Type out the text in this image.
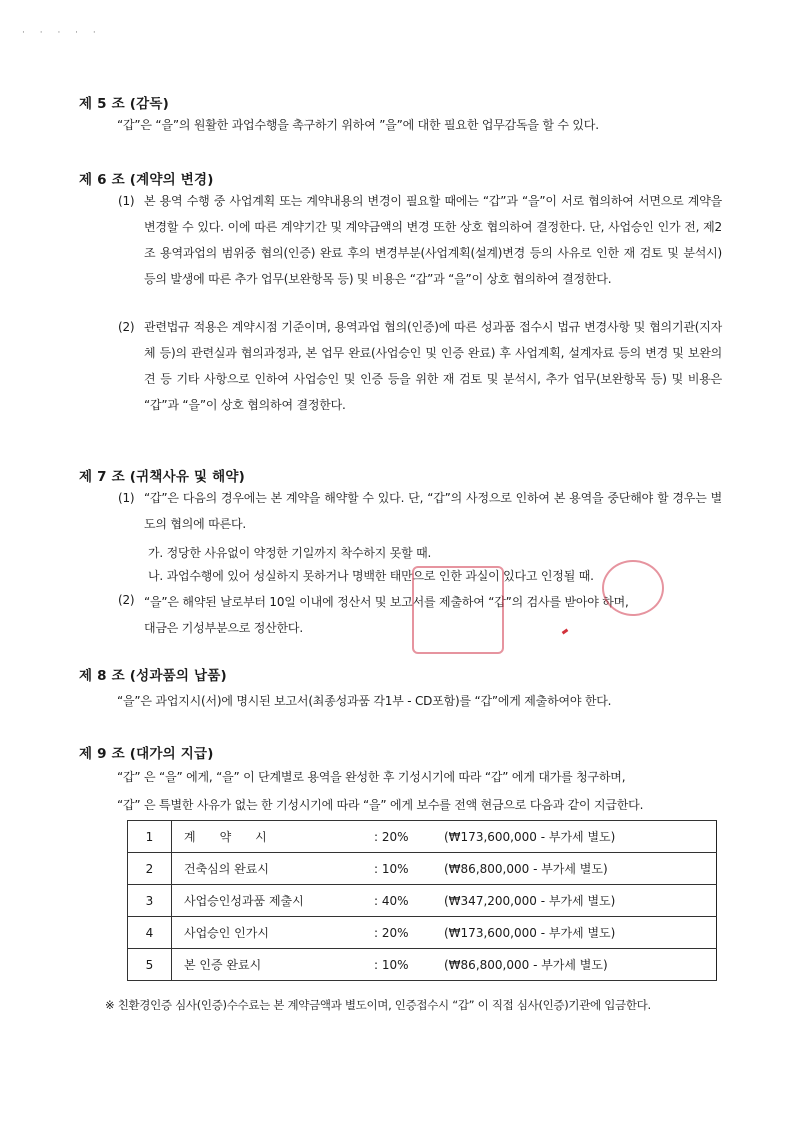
· · · · ·
제 5 조 (감독)
“갑”은 “을”의 원활한 과업수행을 촉구하기 위하여 ”을”에 대한 필요한 업무감독을 할 수 있다.
제 6 조 (계약의 변경)
(1) 본 용역 수행 중 사업계획 또는 계약내용의 변경이 필요할 때에는 “갑”과 “을”이 서로 협의하여 서면으로 계약을 변경할 수 있다. 이에 따른 계약기간 및 계약금액의 변경 또한 상호 협의하여 결정한다. 단, 사업승인 인가 전, 제2조 용역과업의 범위중 협의(인증) 완료 후의 변경부분(사업계획(설계)변경 등의 사유로 인한 재 검토 및 분석시) 등의 발생에 따른 추가 업무(보완항목 등) 및 비용은 “갑”과 “을”이 상호 협의하여 결정한다.
(2) 관련법규 적용은 계약시점 기준이며, 용역과업 협의(인증)에 따른 성과품 접수시 법규 변경사항 및 협의기관(지자체 등)의 관련실과 협의과정과, 본 업무 완료(사업승인 및 인증 완료) 후 사업계획, 설계자료 등의 변경 및 보완의견 등 기타 사항으로 인하여 사업승인 및 인증 등을 위한 재 검토 및 분석시, 추가 업무(보완항목 등) 및 비용은 “갑”과 “을”이 상호 협의하여 결정한다.
제 7 조 (귀책사유 및 해약)
(1) “갑”은 다음의 경우에는 본 계약을 해약할 수 있다. 단, “갑”의 사정으로 인하여 본 용역을 중단해야 할 경우는 별도의 협의에 따른다.
가. 정당한 사유없이 약정한 기일까지 착수하지 못할 때.
나. 과업수행에 있어 성실하지 못하거나 명백한 태만으로 인한 과실이 있다고 인정될 때.
(2) “을”은 해약된 날로부터 10일 이내에 정산서 및 보고서를 제출하여 “갑”의 검사를 받아야 하며,
대금은 기성부분으로 정산한다.
제 8 조 (성과품의 납품)
“을”은 과업지시(서)에 명시된 보고서(최종성과품 각1부 - CD포함)를 “갑”에게 제출하여야 한다.
제 9 조 (대가의 지급)
“갑” 은 “을” 에게, “을” 이 단계별로 용역을 완성한 후 기성시기에 따라 “갑” 에게 대가를 청구하며,
“갑” 은 특별한 사유가 없는 한 기성시기에 따라 “을” 에게 보수를 전액 현금으로 다음과 같이 지급한다.
1	계　　약　　시 : 20% (₩173,600,000 - 부가세 별도)
2	건축심의 완료시 : 10% (₩86,800,000 - 부가세 별도)
3	사업승인성과품 제출시 : 40% (₩347,200,000 - 부가세 별도)
4	사업승인 인가시 : 20% (₩173,600,000 - 부가세 별도)
5	본 인증 완료시 : 10% (₩86,800,000 - 부가세 별도)
※ 친환경인증 심사(인증)수수료는 본 계약금액과 별도이며, 인증접수시 “갑” 이 직접 심사(인증)기관에 입금한다.
